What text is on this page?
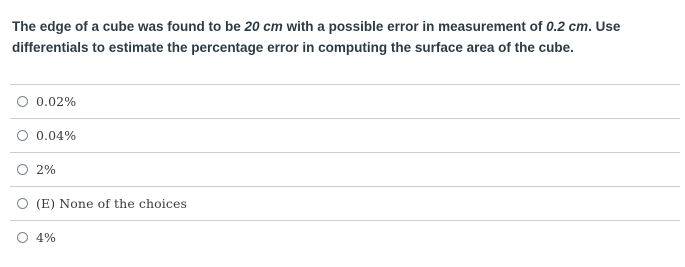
The edge of a cube was found to be 20 cm with a possible error in measurement of 0.2 cm. Use differentials to estimate the percentage error in computing the surface area of the cube.
0.02%
0.04%
2%
(E) None of the choices
4%
